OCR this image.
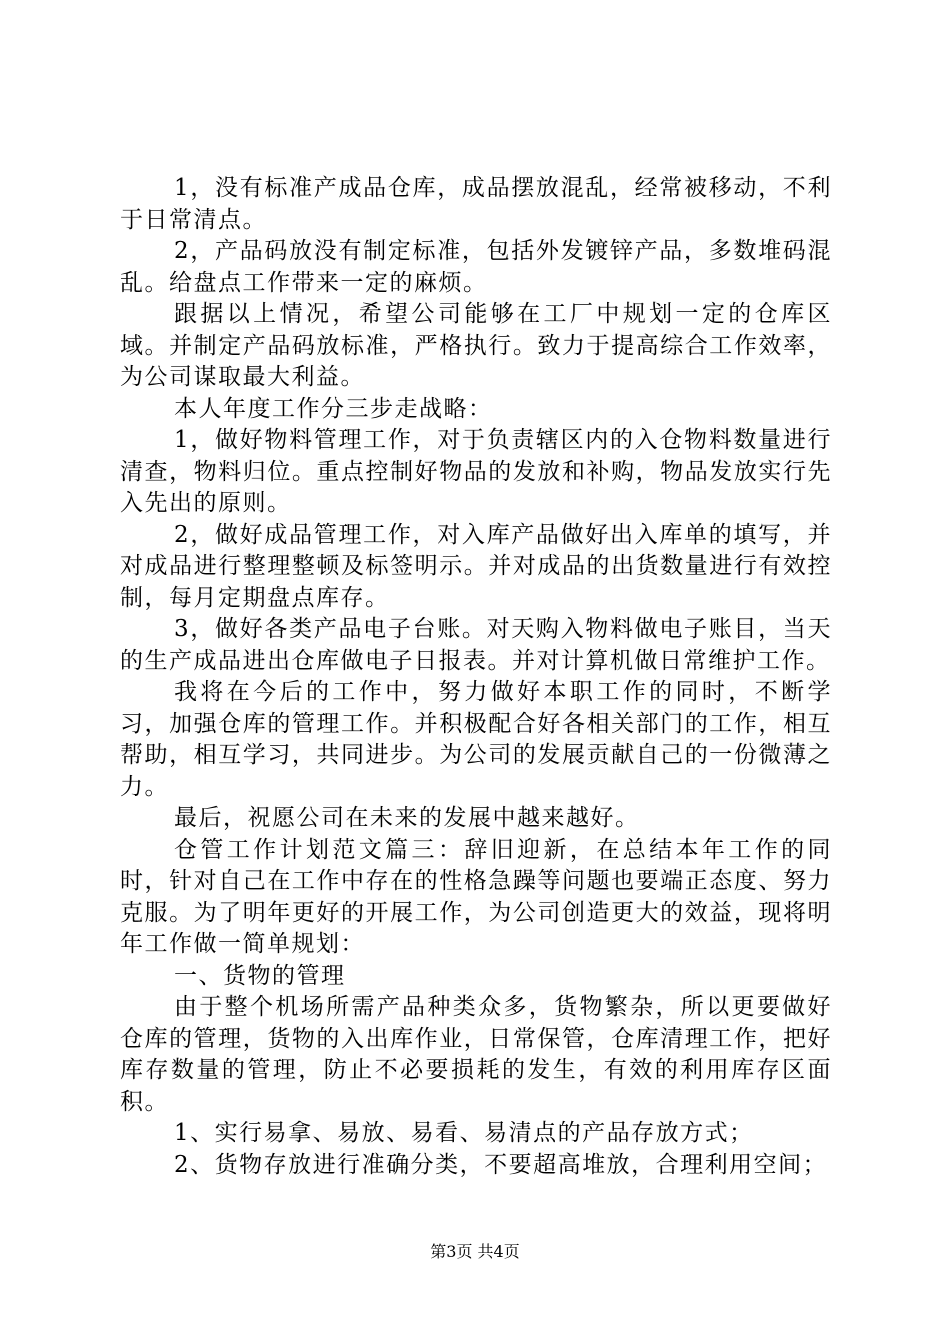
1，没有标准产成品仓库，成品摆放混乱，经常被移动，不利于日常清点。

2，产品码放没有制定标准，包括外发镀锌产品，多数堆码混乱。给盘点工作带来一定的麻烦。

跟据以上情况，希望公司能够在工厂中规划一定的仓库区域。并制定产品码放标准，严格执行。致力于提高综合工作效率，为公司谋取最大利益。

本人年度工作分三步走战略：

1，做好物料管理工作，对于负责辖区内的入仓物料数量进行清查，物料归位。重点控制好物品的发放和补购，物品发放实行先入先出的原则。

2，做好成品管理工作，对入库产品做好出入库单的填写，并对成品进行整理整顿及标签明示。并对成品的出货数量进行有效控制，每月定期盘点库存。

3，做好各类产品电子台账。对天购入物料做电子账目，当天的生产成品进出仓库做电子日报表。并对计算机做日常维护工作。

我将在今后的工作中，努力做好本职工作的同时，不断学习，加强仓库的管理工作。并积极配合好各相关部门的工作，相互帮助，相互学习，共同进步。为公司的发展贡献自己的一份微薄之力。

最后，祝愿公司在未来的发展中越来越好。

仓管工作计划范文篇三：辞旧迎新，在总结本年工作的同时，针对自己在工作中存在的性格急躁等问题也要端正态度、努力克服。为了明年更好的开展工作，为公司创造更大的效益，现将明年工作做一简单规划：

一、货物的管理

由于整个机场所需产品种类众多，货物繁杂，所以更要做好仓库的管理，货物的入出库作业，日常保管，仓库清理工作，把好库存数量的管理，防止不必要损耗的发生，有效的利用库存区面积。

1、实行易拿、易放、易看、易清点的产品存放方式；

2、货物存放进行准确分类，不要超高堆放，合理利用空间；

第3页 共4页
